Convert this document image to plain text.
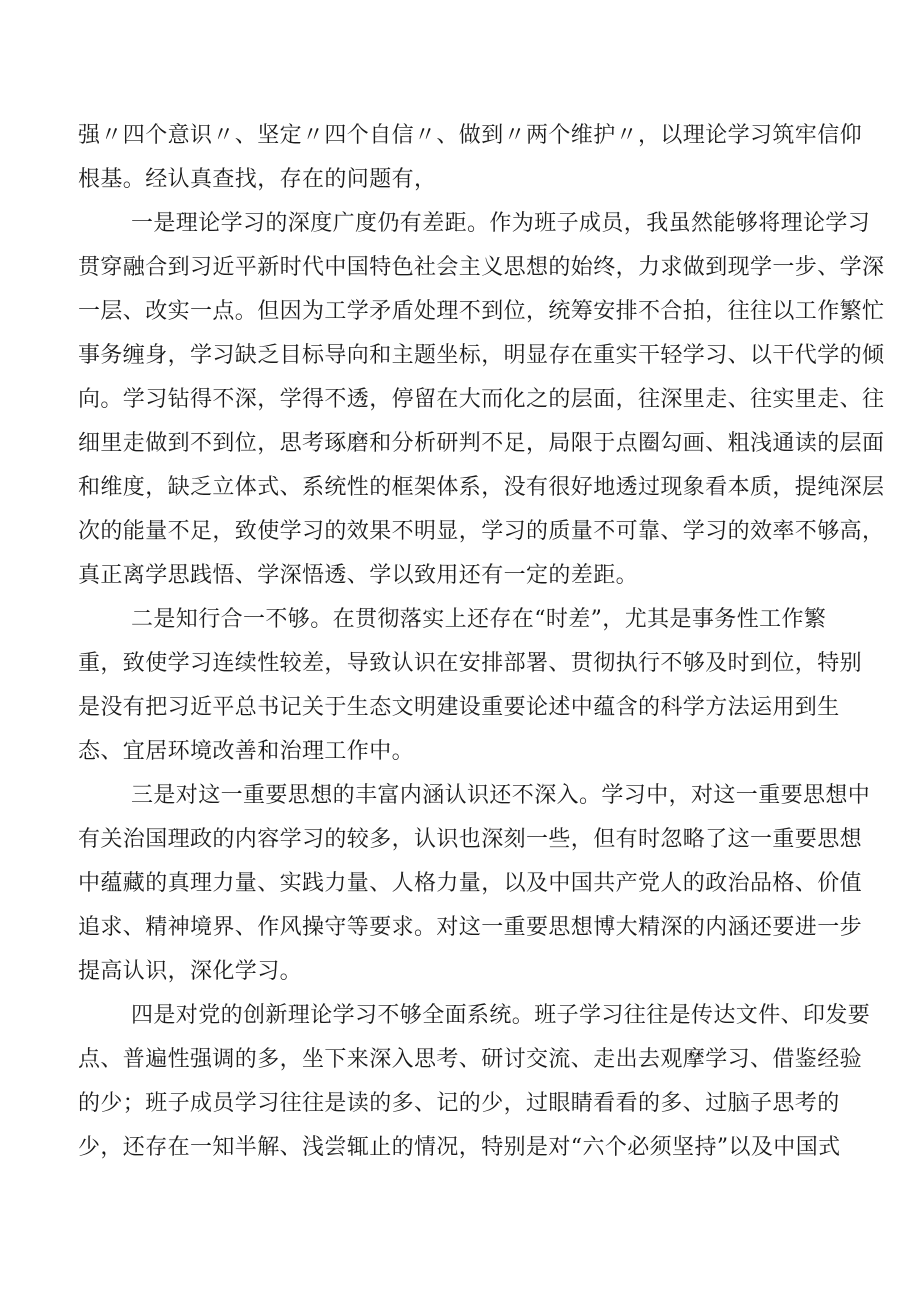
强〃四个意识〃、坚定〃四个自信〃、做到〃两个维护〃，以理论学习筑牢信仰

根基。经认真查找，存在的问题有，

一是理论学习的深度广度仍有差距。作为班子成员，我虽然能够将理论学习

贯穿融合到习近平新时代中国特色社会主义思想的始终，力求做到现学一步、学深

一层、改实一点。但因为工学矛盾处理不到位，统筹安排不合拍，往往以工作繁忙

事务缠身，学习缺乏目标导向和主题坐标，明显存在重实干轻学习、以干代学的倾

向。学习钻得不深，学得不透，停留在大而化之的层面，往深里走、往实里走、往

细里走做到不到位，思考琢磨和分析研判不足，局限于点圈勾画、粗浅通读的层面

和维度，缺乏立体式、系统性的框架体系，没有很好地透过现象看本质，提纯深层

次的能量不足，致使学习的效果不明显，学习的质量不可靠、学习的效率不够高，

真正离学思践悟、学深悟透、学以致用还有一定的差距。

二是知行合一不够。在贯彻落实上还存在“时差”，尤其是事务性工作繁

重，致使学习连续性较差，导致认识在安排部署、贯彻执行不够及时到位，特别

是没有把习近平总书记关于生态文明建设重要论述中蕴含的科学方法运用到生

态、宜居环境改善和治理工作中。

三是对这一重要思想的丰富内涵认识还不深入。学习中，对这一重要思想中

有关治国理政的内容学习的较多，认识也深刻一些，但有时忽略了这一重要思想

中蕴藏的真理力量、实践力量、人格力量，以及中国共产党人的政治品格、价值

追求、精神境界、作风操守等要求。对这一重要思想博大精深的内涵还要进一步

提高认识，深化学习。

四是对党的创新理论学习不够全面系统。班子学习往往是传达文件、印发要

点、普遍性强调的多，坐下来深入思考、研讨交流、走出去观摩学习、借鉴经验

的少；班子成员学习往往是读的多、记的少，过眼睛看看的多、过脑子思考的

少，还存在一知半解、浅尝辄止的情况，特别是对“六个必须坚持”以及中国式
